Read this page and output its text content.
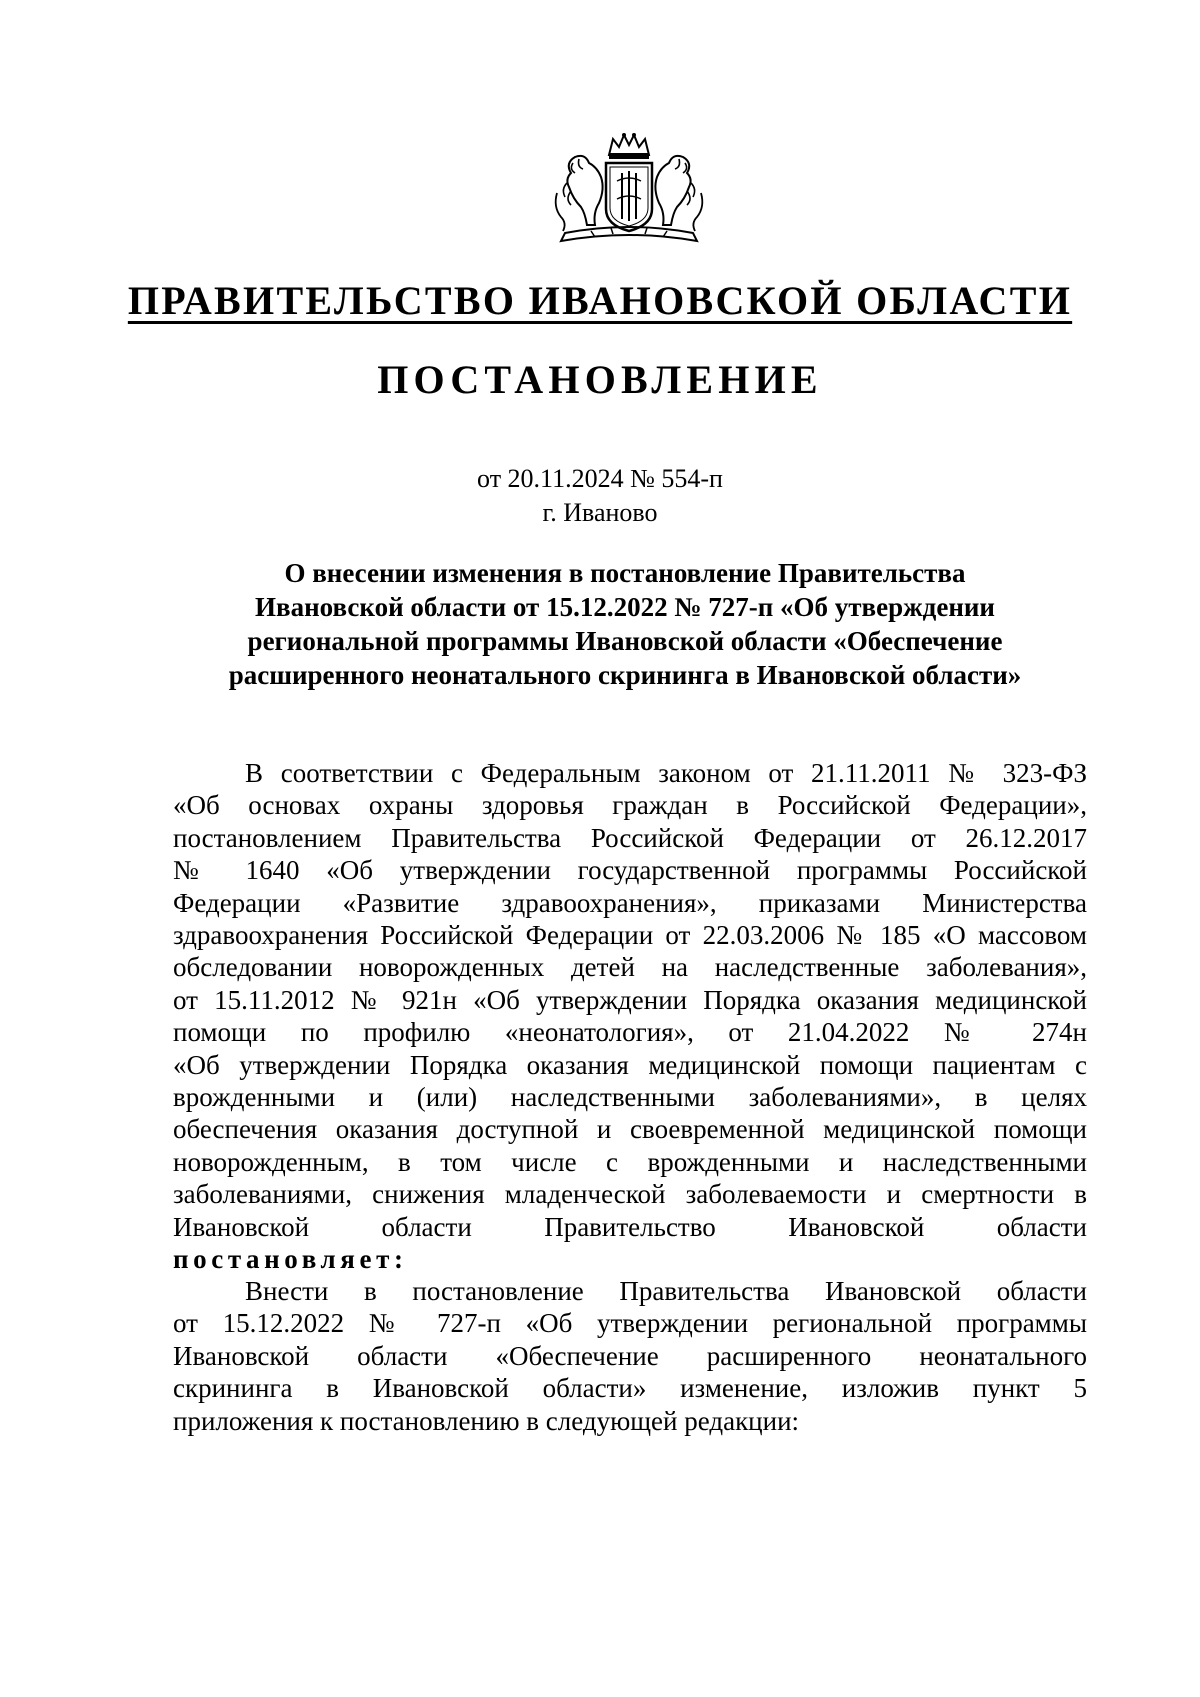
ПРАВИТЕЛЬСТВО ИВАНОВСКОЙ ОБЛАСТИ
ПОСТАНОВЛЕНИЕ
от 20.11.2024 № 554-п
г. Иваново
О внесении изменения в постановление Правительства
Ивановской области от 15.12.2022 № 727-п «Об утверждении
региональной программы Ивановской области «Обеспечение
расширенного неонатального скрининга в Ивановской области»
В соответствии с Федеральным законом от 21.11.2011 № 323-ФЗ
«Об основах охраны здоровья граждан в Российской Федерации»,
постановлением Правительства Российской Федерации от 26.12.2017
№ 1640 «Об утверждении государственной программы Российской
Федерации «Развитие здравоохранения», приказами Министерства
здравоохранения Российской Федерации от 22.03.2006 № 185 «О массовом
обследовании новорожденных детей на наследственные заболевания»,
от 15.11.2012 № 921н «Об утверждении Порядка оказания медицинской
помощи по профилю «неонатология», от 21.04.2022 № 274н
«Об утверждении Порядка оказания медицинской помощи пациентам с
врожденными и (или) наследственными заболеваниями», в целях
обеспечения оказания доступной и своевременной медицинской помощи
новорожденным, в том числе с врожденными и наследственными
заболеваниями, снижения младенческой заболеваемости и смертности в
Ивановской области Правительство Ивановской области
постановляет:
Внести в постановление Правительства Ивановской области
от 15.12.2022 № 727-п «Об утверждении региональной программы
Ивановской области «Обеспечение расширенного неонатального
скрининга в Ивановской области» изменение, изложив пункт 5
приложения к постановлению в следующей редакции:
